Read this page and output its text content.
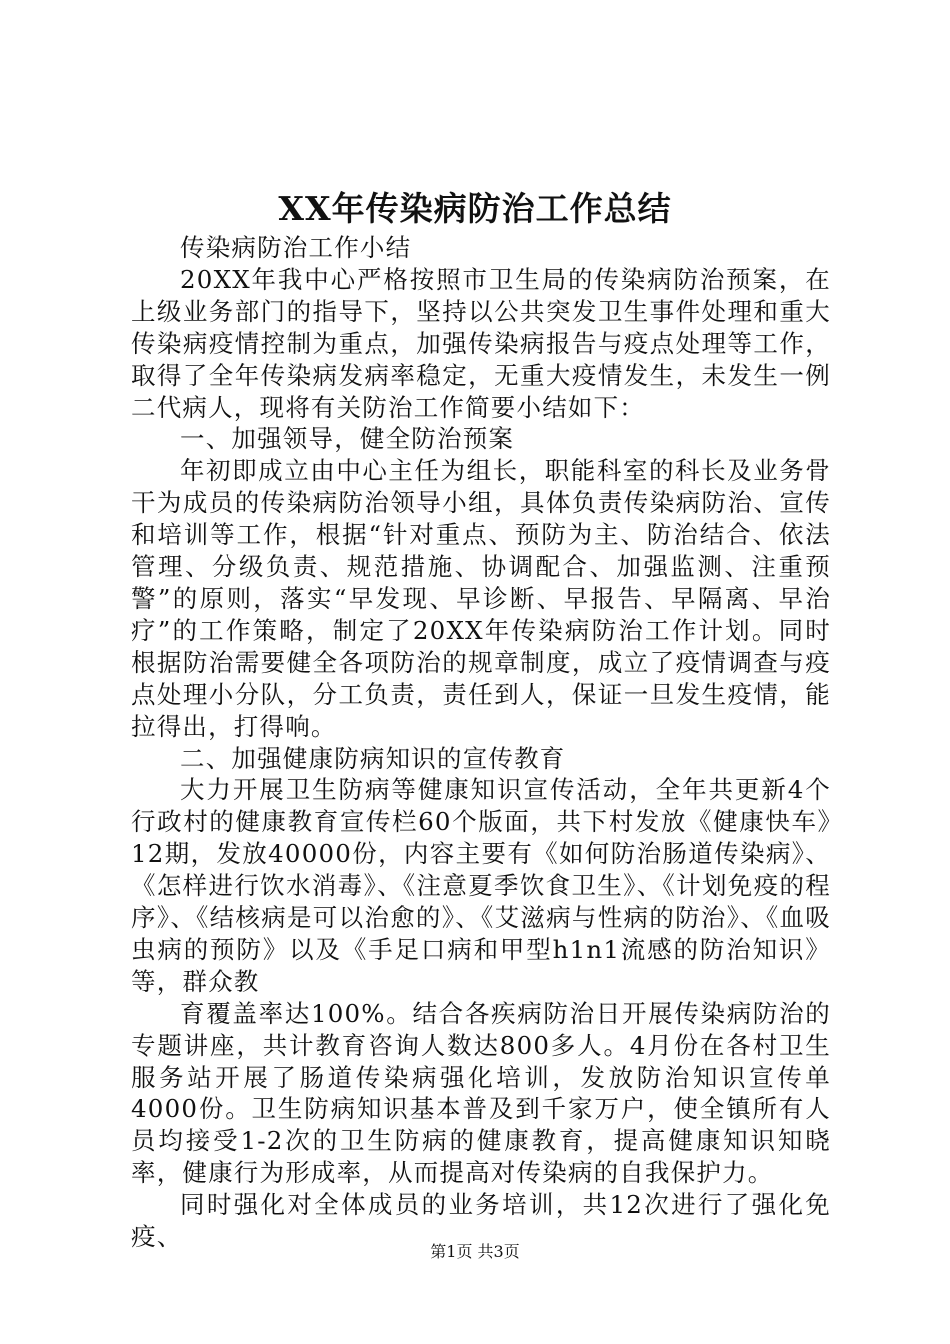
XX年传染病防治工作总结

传染病防治工作小结

20XX年我中心严格按照市卫生局的传染病防治预案，在上级业务部门的指导下，坚持以公共突发卫生事件处理和重大传染病疫情控制为重点，加强传染病报告与疫点处理等工作，取得了全年传染病发病率稳定，无重大疫情发生，未发生一例二代病人，现将有关防治工作简要小结如下：

一、加强领导，健全防治预案

年初即成立由中心主任为组长，职能科室的科长及业务骨干为成员的传染病防治领导小组，具体负责传染病防治、宣传和培训等工作，根据“针对重点、预防为主、防治结合、依法管理、分级负责、规范措施、协调配合、加强监测、注重预警”的原则，落实“早发现、早诊断、早报告、早隔离、早治疗”的工作策略，制定了20XX年传染病防治工作计划。同时根据防治需要健全各项防治的规章制度，成立了疫情调查与疫点处理小分队，分工负责，责任到人，保证一旦发生疫情，能拉得出，打得响。

二、加强健康防病知识的宣传教育

大力开展卫生防病等健康知识宣传活动，全年共更新4个行政村的健康教育宣传栏60个版面，共下村发放《健康快车》12期，发放40000份，内容主要有《如何防治肠道传染病》、《怎样进行饮水消毒》、《注意夏季饮食卫生》、《计划免疫的程序》、《结核病是可以治愈的》、《艾滋病与性病的防治》、《血吸虫病的预防》以及《手足口病和甲型h1n1流感的防治知识》等，群众教

育覆盖率达100%。结合各疾病防治日开展传染病防治的专题讲座，共计教育咨询人数达800多人。4月份在各村卫生服务站开展了肠道传染病强化培训，发放防治知识宣传单4000份。卫生防病知识基本普及到千家万户，使全镇所有人员均接受1-2次的卫生防病的健康教育，提高健康知识知晓率，健康行为形成率，从而提高对传染病的自我保护力。

同时强化对全体成员的业务培训，共12次进行了强化免疫、

第1页 共3页
